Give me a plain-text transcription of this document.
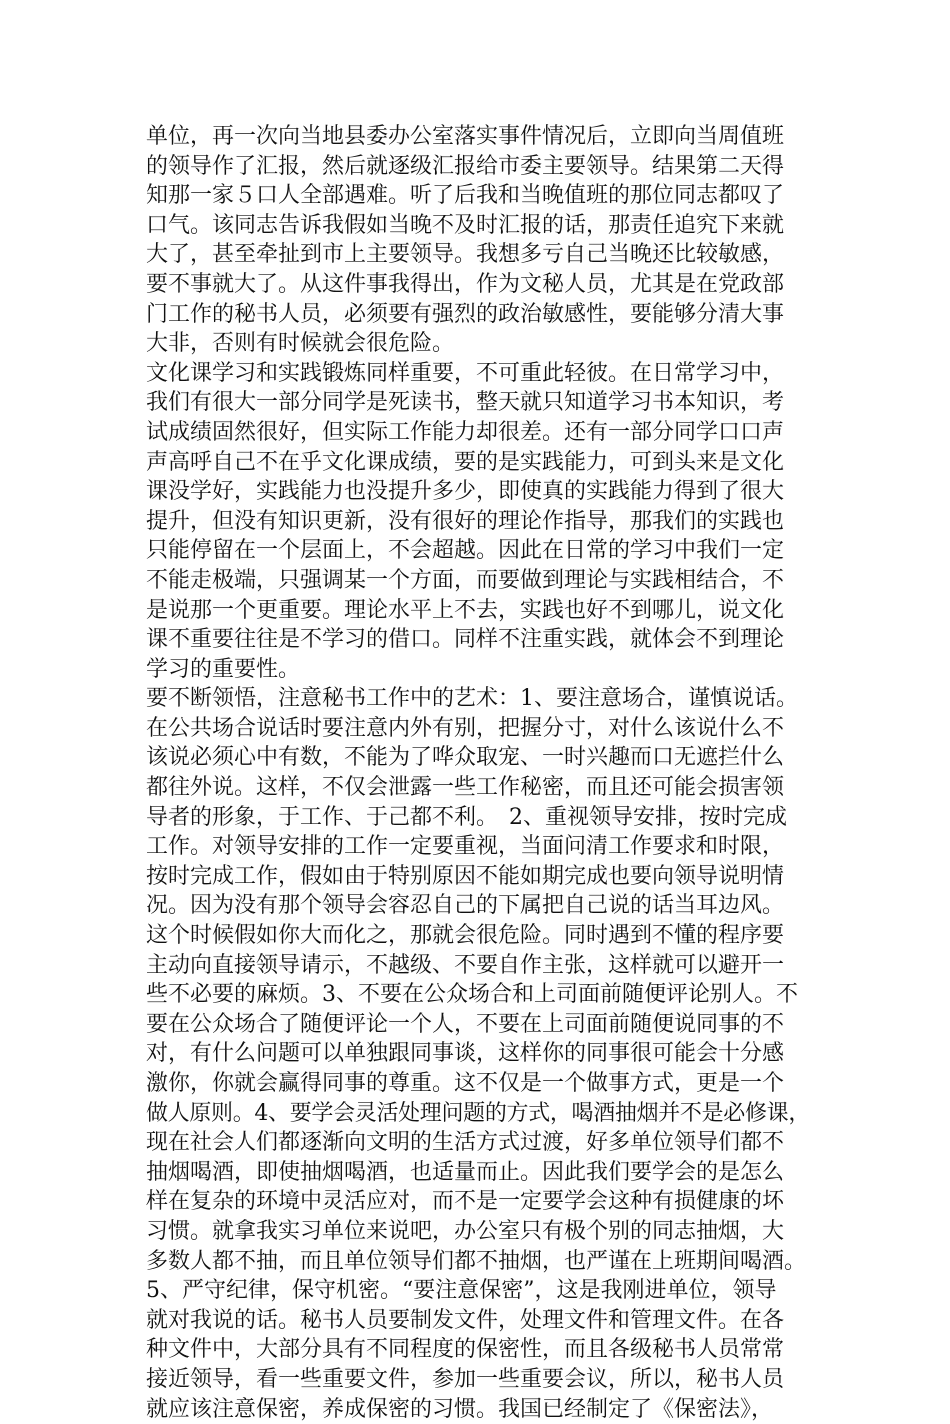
单位，再一次向当地县委办公室落实事件情况后，立即向当周值班
的领导作了汇报，然后就逐级汇报给市委主要领导。结果第二天得
知那一家５口人全部遇难。听了后我和当晚值班的那位同志都叹了
口气。该同志告诉我假如当晚不及时汇报的话，那责任追究下来就
大了，甚至牵扯到市上主要领导。我想多亏自己当晚还比较敏感，
要不事就大了。从这件事我得出，作为文秘人员，尤其是在党政部
门工作的秘书人员，必须要有强烈的政治敏感性，要能够分清大事
大非，否则有时候就会很危险。
文化课学习和实践锻炼同样重要，不可重此轻彼。在日常学习中，
我们有很大一部分同学是死读书，整天就只知道学习书本知识，考
试成绩固然很好，但实际工作能力却很差。还有一部分同学口口声
声高呼自己不在乎文化课成绩，要的是实践能力，可到头来是文化
课没学好，实践能力也没提升多少，即使真的实践能力得到了很大
提升，但没有知识更新，没有很好的理论作指导，那我们的实践也
只能停留在一个层面上，不会超越。因此在日常的学习中我们一定
不能走极端，只强调某一个方面，而要做到理论与实践相结合，不
是说那一个更重要。理论水平上不去，实践也好不到哪儿，说文化
课不重要往往是不学习的借口。同样不注重实践，就体会不到理论
学习的重要性。
要不断领悟，注意秘书工作中的艺术：1、要注意场合，谨慎说话。
在公共场合说话时要注意内外有别，把握分寸，对什么该说什么不
该说必须心中有数，不能为了哗众取宠、一时兴趣而口无遮拦什么
都往外说。这样，不仅会泄露一些工作秘密，而且还可能会损害领
导者的形象，于工作、于己都不利。　2、重视领导安排，按时完成
工作。对领导安排的工作一定要重视，当面问清工作要求和时限，
按时完成工作，假如由于特别原因不能如期完成也要向领导说明情
况。因为没有那个领导会容忍自己的下属把自己说的话当耳边风。
这个时候假如你大而化之，那就会很危险。同时遇到不懂的程序要
主动向直接领导请示，不越级、不要自作主张，这样就可以避开一
些不必要的麻烦。3、不要在公众场合和上司面前随便评论别人。不
要在公众场合了随便评论一个人，不要在上司面前随便说同事的不
对，有什么问题可以单独跟同事谈，这样你的同事很可能会十分感
激你，你就会赢得同事的尊重。这不仅是一个做事方式，更是一个
做人原则。4、要学会灵活处理问题的方式，喝酒抽烟并不是必修课，
现在社会人们都逐渐向文明的生活方式过渡，好多单位领导们都不
抽烟喝酒，即使抽烟喝酒，也适量而止。因此我们要学会的是怎么
样在复杂的环境中灵活应对，而不是一定要学会这种有损健康的坏
习惯。就拿我实习单位来说吧，办公室只有极个别的同志抽烟，大
多数人都不抽，而且单位领导们都不抽烟，也严谨在上班期间喝酒。
5、严守纪律，保守机密。“要注意保密”，这是我刚进单位，领导
就对我说的话。秘书人员要制发文件，处理文件和管理文件。在各
种文件中，大部分具有不同程度的保密性，而且各级秘书人员常常
接近领导，看一些重要文件，参加一些重要会议，所以，秘书人员
就应该注意保密，养成保密的习惯。我国已经制定了《保密法》，
